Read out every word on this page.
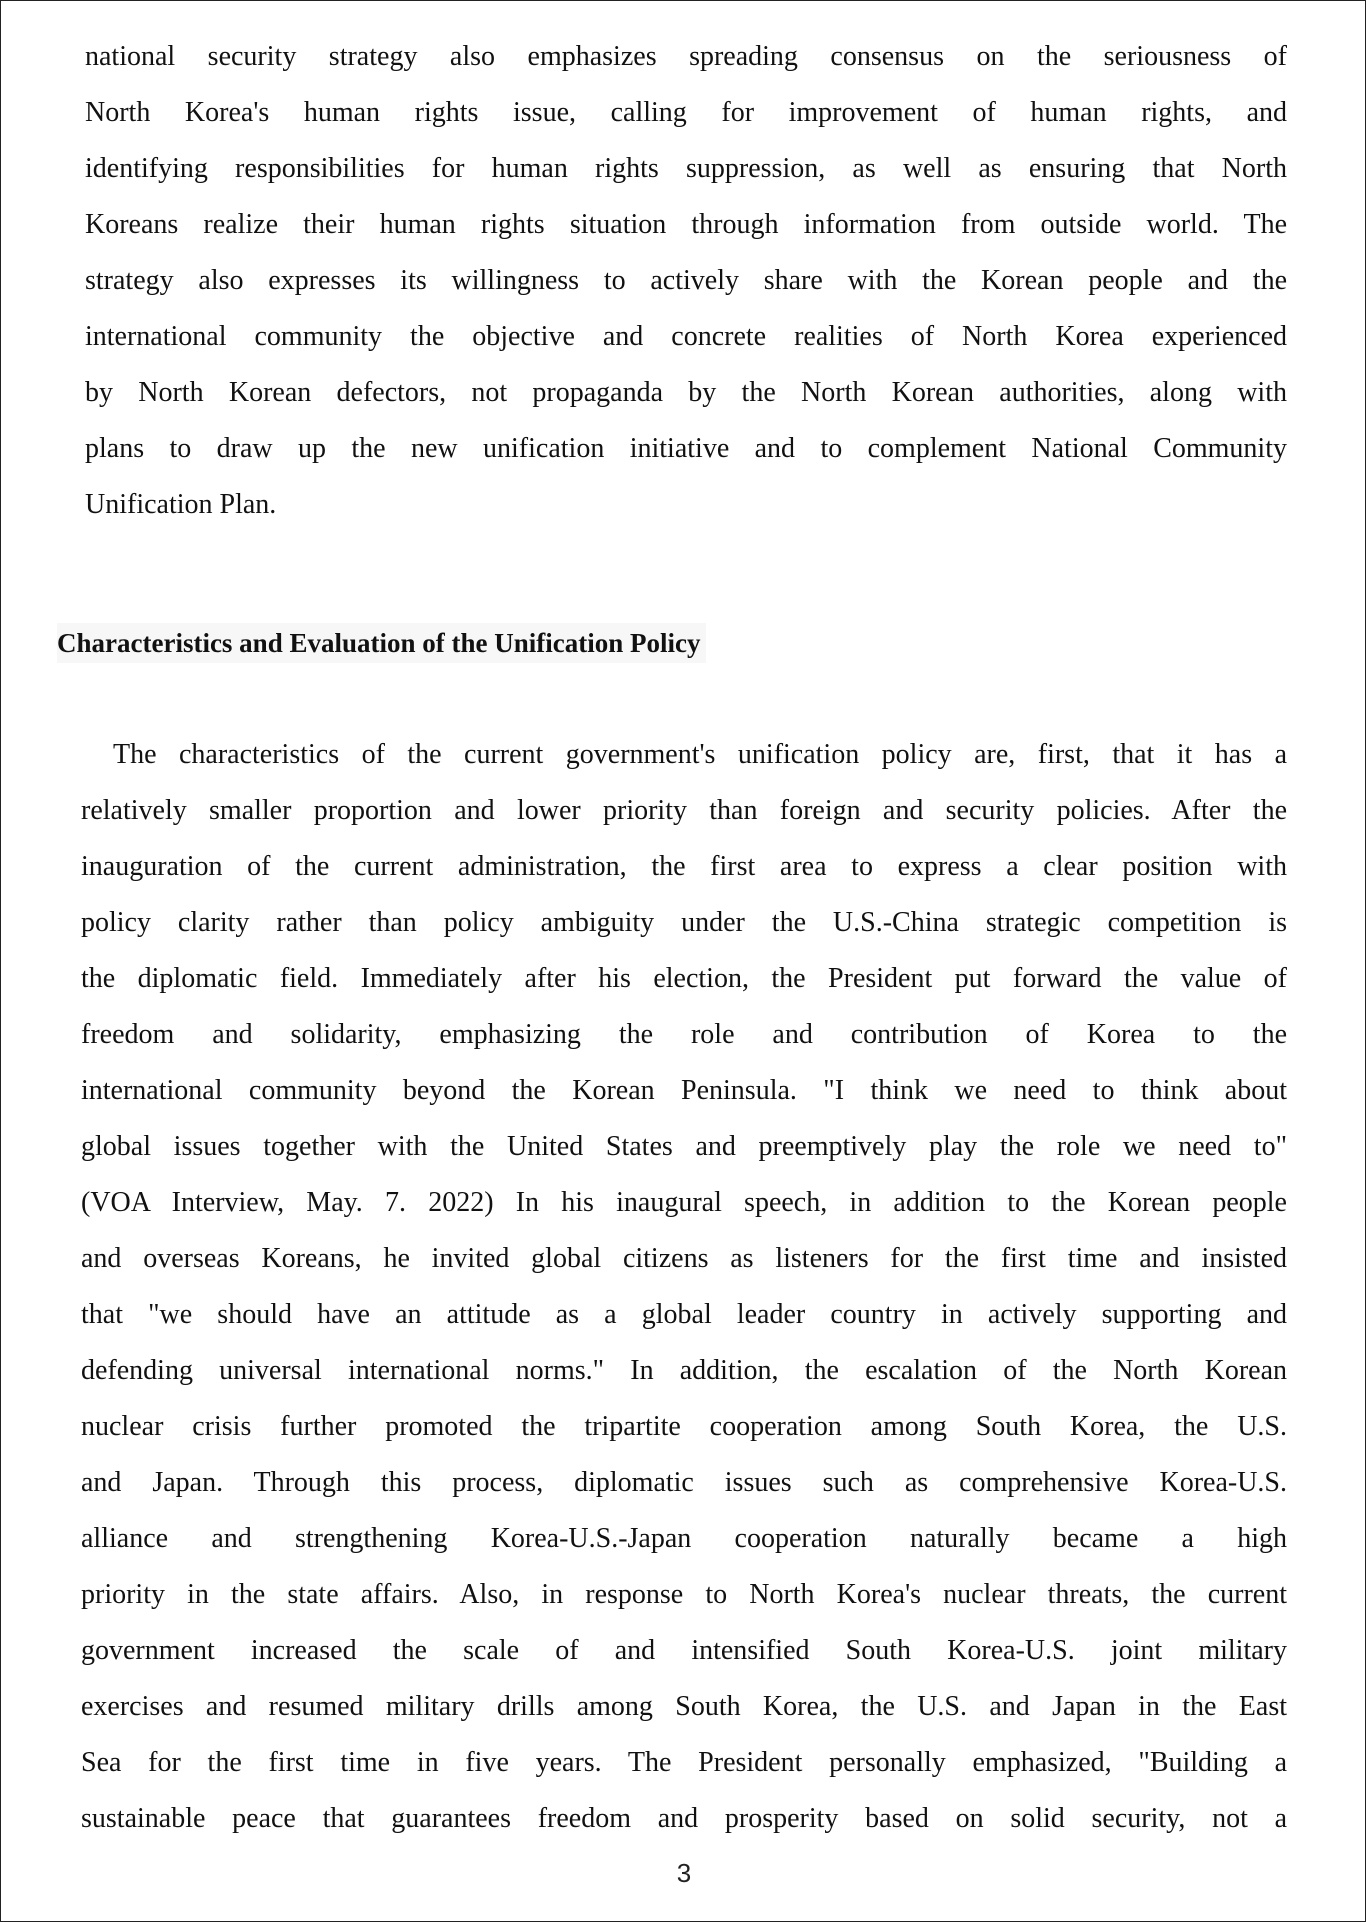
national security strategy also emphasizes spreading consensus on the seriousness of
North Korea's human rights issue, calling for improvement of human rights, and
identifying responsibilities for human rights suppression, as well as ensuring that North
Koreans realize their human rights situation through information from outside world. The
strategy also expresses its willingness to actively share with the Korean people and the
international community the objective and concrete realities of North Korea experienced
by North Korean defectors, not propaganda by the North Korean authorities, along with
plans to draw up the new unification initiative and to complement National Community
Unification Plan.
Characteristics and Evaluation of the Unification Policy
The characteristics of the current government's unification policy are, first, that it has a
relatively smaller proportion and lower priority than foreign and security policies. After the
inauguration of the current administration, the first area to express a clear position with
policy clarity rather than policy ambiguity under the U.S.-China strategic competition is
the diplomatic field. Immediately after his election, the President put forward the value of
freedom and solidarity, emphasizing the role and contribution of Korea to the
international community beyond the Korean Peninsula. "I think we need to think about
global issues together with the United States and preemptively play the role we need to"
(VOA Interview, May. 7. 2022) In his inaugural speech, in addition to the Korean people
and overseas Koreans, he invited global citizens as listeners for the first time and insisted
that "we should have an attitude as a global leader country in actively supporting and
defending universal international norms." In addition, the escalation of the North Korean
nuclear crisis further promoted the tripartite cooperation among South Korea, the U.S.
and Japan. Through this process, diplomatic issues such as comprehensive Korea-U.S.
alliance and strengthening Korea-U.S.-Japan cooperation naturally became a high
priority in the state affairs. Also, in response to North Korea's nuclear threats, the current
government increased the scale of and intensified South Korea-U.S. joint military
exercises and resumed military drills among South Korea, the U.S. and Japan in the East
Sea for the first time in five years. The President personally emphasized, "Building a
sustainable peace that guarantees freedom and prosperity based on solid security, not a
3
